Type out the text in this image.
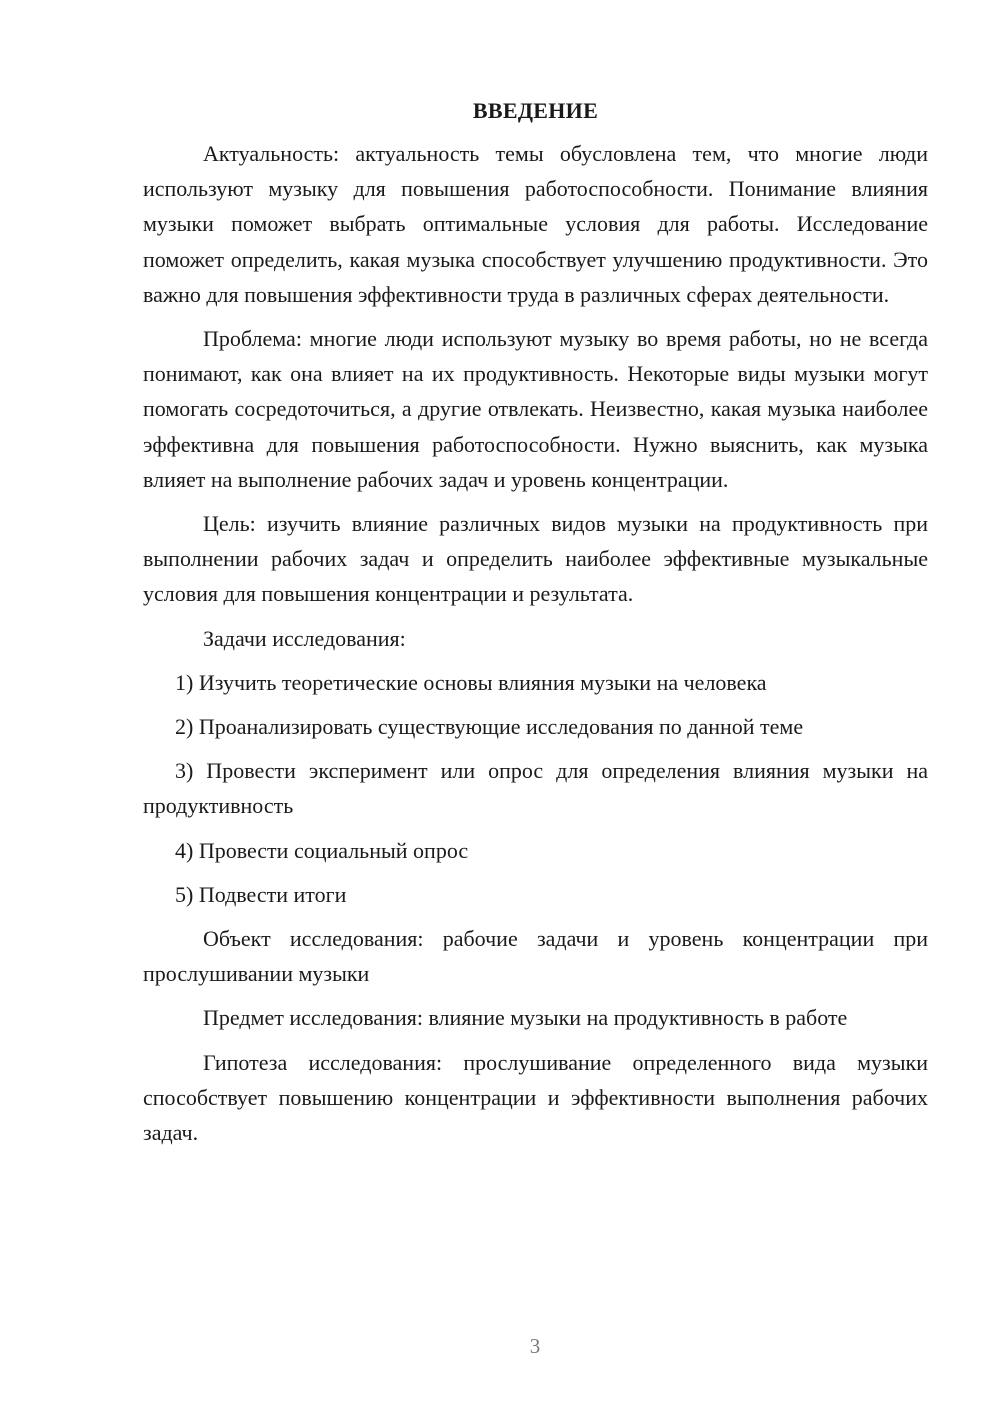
ВВЕДЕНИЕ

Актуальность: актуальность темы обусловлена тем, что многие люди используют музыку для повышения работоспособности. Понимание влияния музыки поможет выбрать оптимальные условия для работы. Исследование поможет определить, какая музыка способствует улучшению продуктивности. Это важно для повышения эффективности труда в различных сферах деятельности.

Проблема: многие люди используют музыку во время работы, но не всегда понимают, как она влияет на их продуктивность. Некоторые виды музыки могут помогать сосредоточиться, а другие отвлекать. Неизвестно, какая музыка наиболее эффективна для повышения работоспособности. Нужно выяснить, как музыка влияет на выполнение рабочих задач и уровень концентрации.

Цель: изучить влияние различных видов музыки на продуктивность при выполнении рабочих задач и определить наиболее эффективные музыкальные условия для повышения концентрации и результата.

Задачи исследования:

1) Изучить теоретические основы влияния музыки на человека

2) Проанализировать существующие исследования по данной теме

3) Провести эксперимент или опрос для определения влияния музыки на продуктивность

4) Провести социальный опрос

5) Подвести итоги

Объект исследования: рабочие задачи и уровень концентрации при прослушивании музыки

Предмет исследования: влияние музыки на продуктивность в работе

Гипотеза исследования: прослушивание определенного вида музыки способствует повышению концентрации и эффективности выполнения рабочих задач.

3
